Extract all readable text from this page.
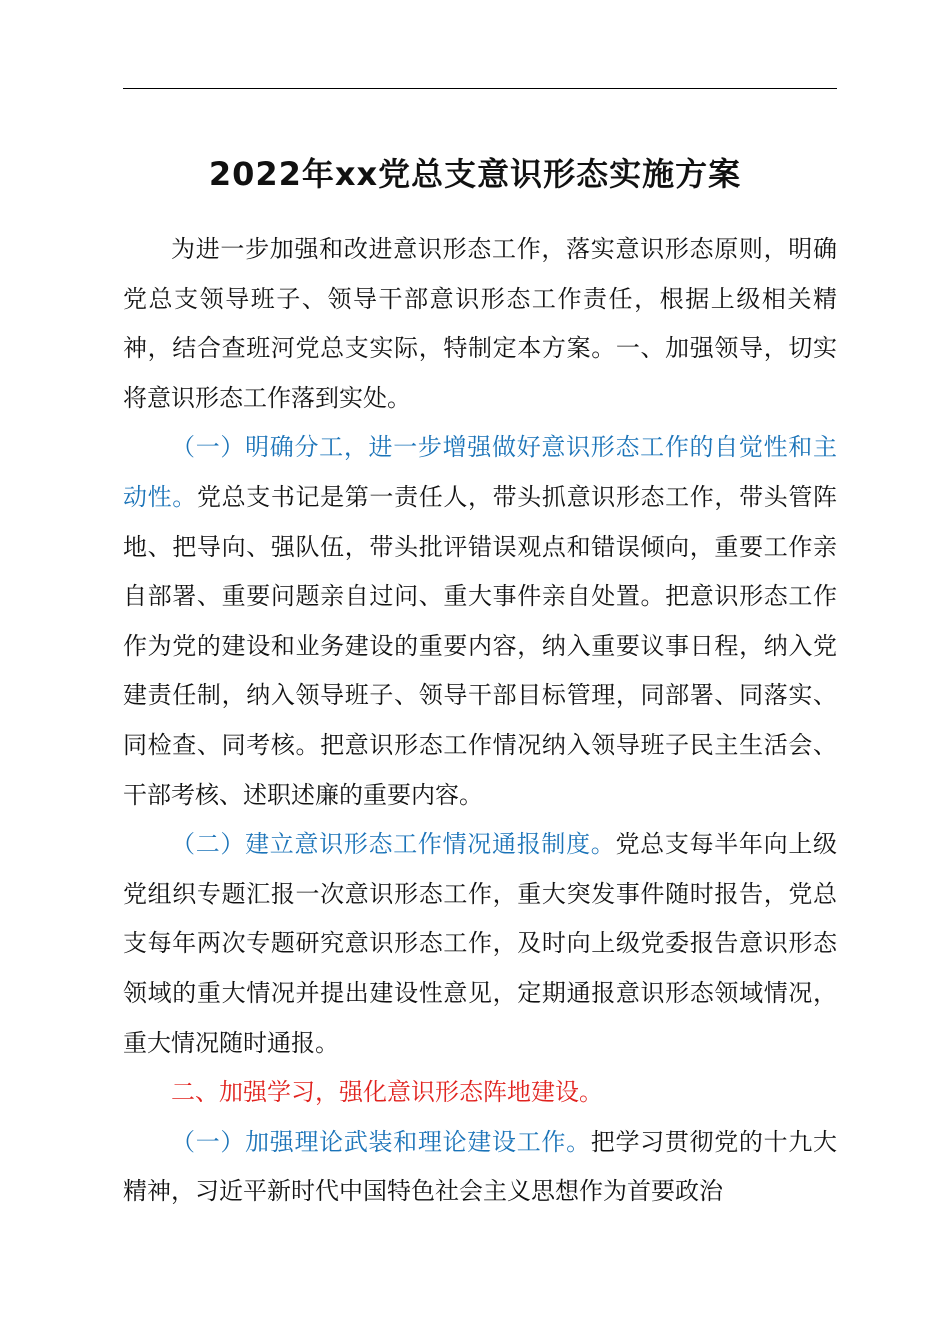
2022年xx党总支意识形态实施方案

为进一步加强和改进意识形态工作，落实意识形态原则，明确党总支领导班子、领导干部意识形态工作责任，根据上级相关精神，结合查班河党总支实际，特制定本方案。一、加强领导，切实将意识形态工作落到实处。

（一）明确分工，进一步增强做好意识形态工作的自觉性和主动性。党总支书记是第一责任人，带头抓意识形态工作，带头管阵地、把导向、强队伍，带头批评错误观点和错误倾向，重要工作亲自部署、重要问题亲自过问、重大事件亲自处置。把意识形态工作作为党的建设和业务建设的重要内容，纳入重要议事日程，纳入党建责任制，纳入领导班子、领导干部目标管理，同部署、同落实、同检查、同考核。把意识形态工作情况纳入领导班子民主生活会、干部考核、述职述廉的重要内容。

（二）建立意识形态工作情况通报制度。党总支每半年向上级党组织专题汇报一次意识形态工作，重大突发事件随时报告，党总支每年两次专题研究意识形态工作，及时向上级党委报告意识形态领域的重大情况并提出建设性意见，定期通报意识形态领域情况，重大情况随时通报。

二、加强学习，强化意识形态阵地建设。

（一）加强理论武装和理论建设工作。把学习贯彻党的十九大精神，习近平新时代中国特色社会主义思想作为首要政治
